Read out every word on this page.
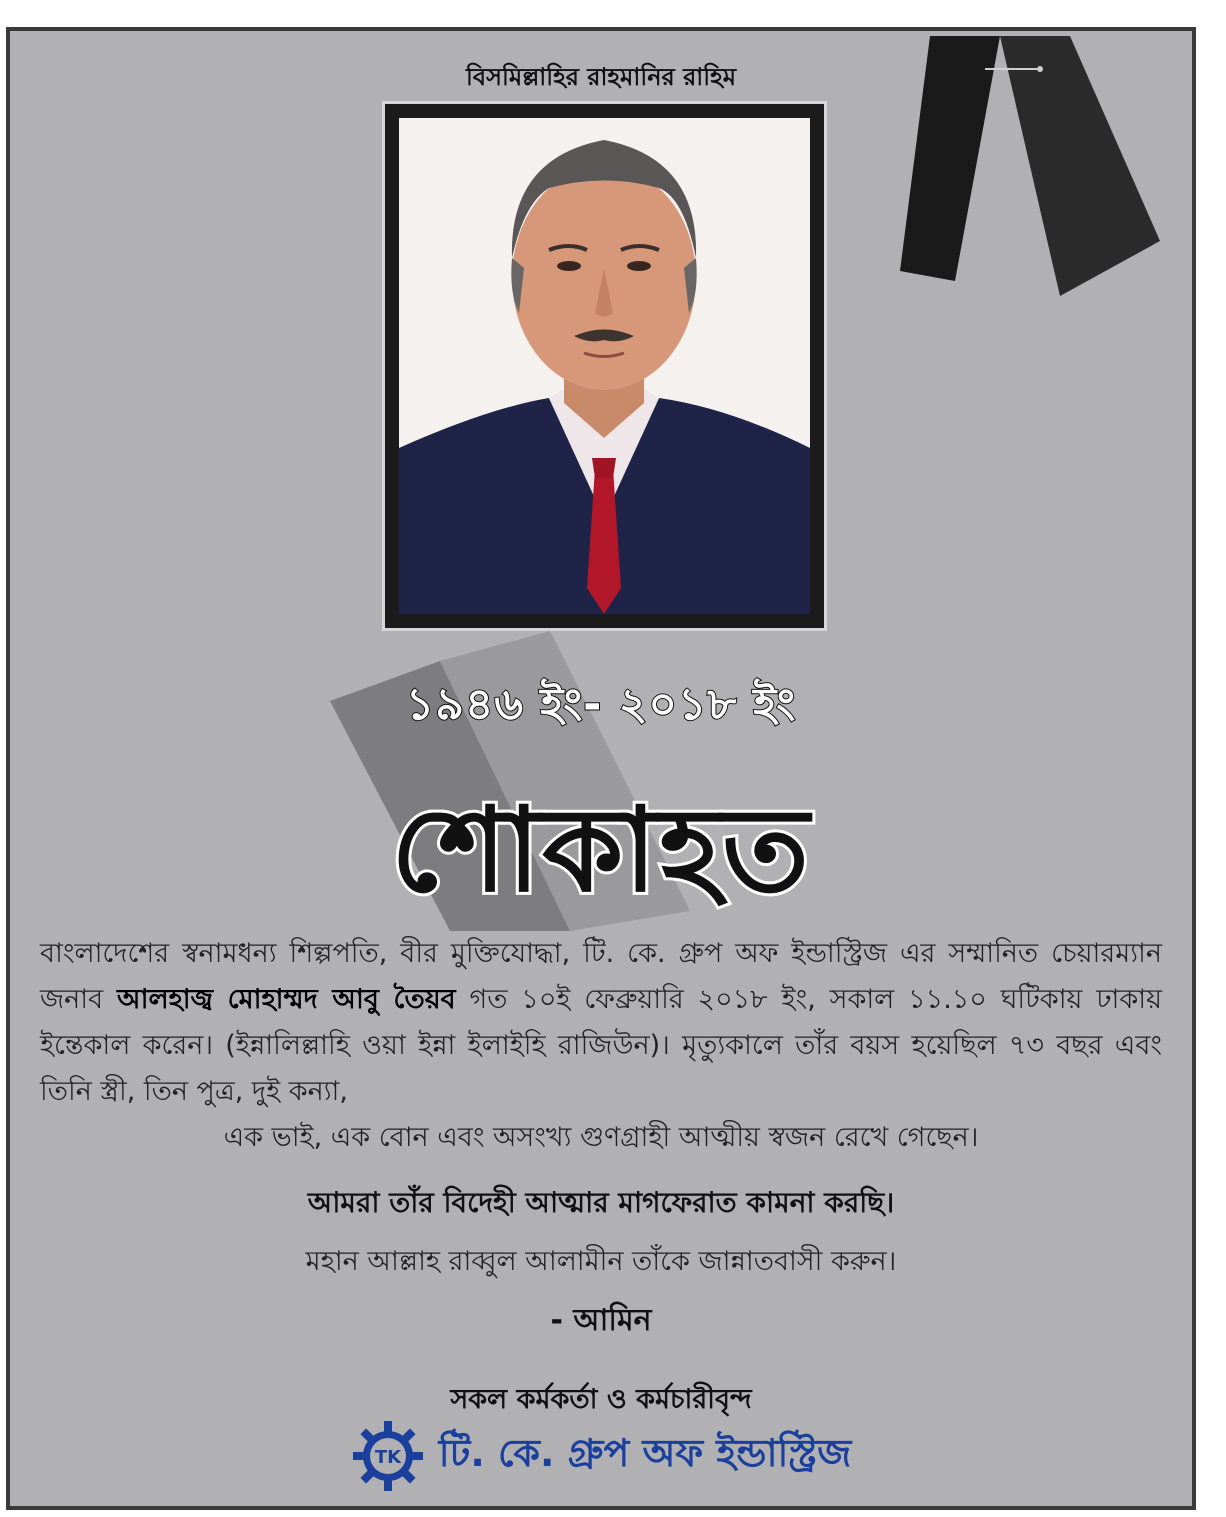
বিসমিল্লাহির রাহমানির রাহিম
১৯৪৬ ইং- ২০১৮ ইং
শোকাহত
বাংলাদেশের স্বনামধন্য শিল্পপতি, বীর মুক্তিযোদ্ধা, টি. কে. গ্রুপ অফ ইন্ডাস্ট্রিজ এর সম্মানিত চেয়ারম্যান জনাব আলহাজ্ব মোহাম্মদ আবু তৈয়ব গত ১০ই ফেব্রুয়ারি ২০১৮ ইং, সকাল ১১.১০ ঘটিকায় ঢাকায় ইন্তেকাল করেন। (ইন্নালিল্লাহি ওয়া ইন্না ইলাইহি রাজিউন)। মৃত্যুকালে তাঁর বয়স হয়েছিল ৭৩ বছর এবং তিনি স্ত্রী, তিন পুত্র, দুই কন্যা,
এক ভাই, এক বোন এবং অসংখ্য গুণগ্রাহী আত্মীয় স্বজন রেখে গেছেন।
আমরা তাঁর বিদেহী আত্মার মাগফেরাত কামনা করছি।
মহান আল্লাহ রাব্বুল আলামীন তাঁকে জান্নাতবাসী করুন।
- আমিন
সকল কর্মকর্তা ও কর্মচারীবৃন্দ
TK টি. কে. গ্রুপ অফ ইন্ডাস্ট্রিজ
